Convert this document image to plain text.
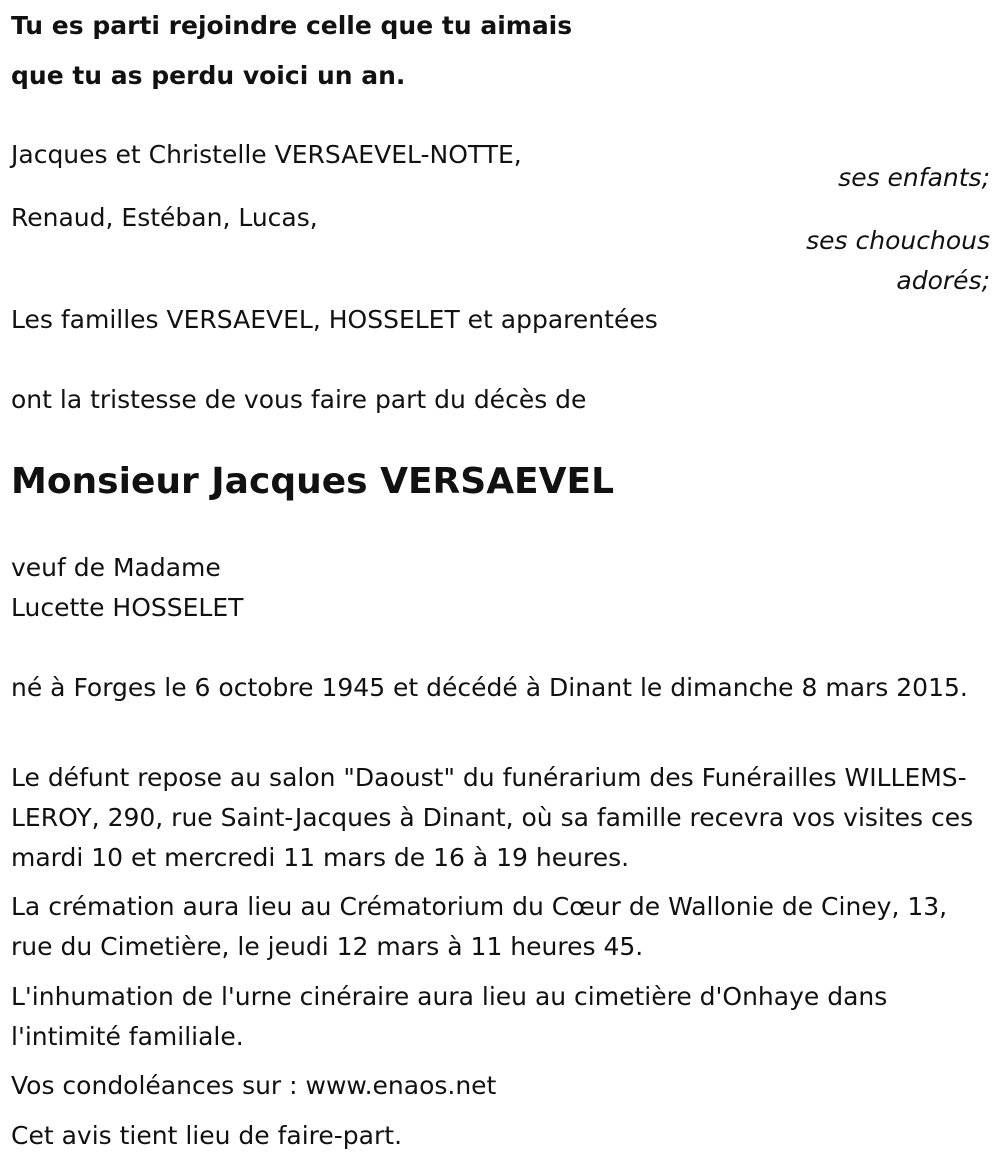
Tu es parti rejoindre celle que tu aimais
que tu as perdu voici un an.
Jacques et Christelle VERSAEVEL-NOTTE,
ses enfants;
Renaud, Estéban, Lucas,
ses chouchous
adorés;
Les familles VERSAEVEL, HOSSELET et apparentées
ont la tristesse de vous faire part du décès de
Monsieur Jacques VERSAEVEL
veuf de Madame
Lucette HOSSELET
né à Forges le 6 octobre 1945 et décédé à Dinant le dimanche 8 mars 2015.
Le défunt repose au salon "Daoust" du funérarium des Funérailles WILLEMS-LEROY, 290, rue Saint-Jacques à Dinant, où sa famille recevra vos visites ces mardi 10 et mercredi 11 mars de 16 à 19 heures.
La crémation aura lieu au Crématorium du Cœur de Wallonie de Ciney, 13, rue du Cimetière, le jeudi 12 mars à 11 heures 45.
L'inhumation de l'urne cinéraire aura lieu au cimetière d'Onhaye dans l'intimité familiale.
Vos condoléances sur : www.enaos.net
Cet avis tient lieu de faire-part.
